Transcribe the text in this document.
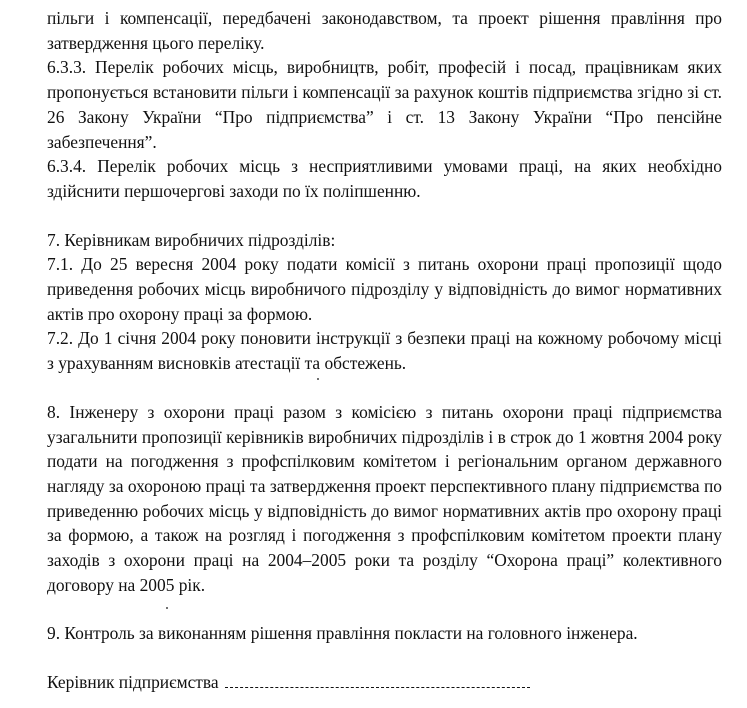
пільги і компенсації, передбачені законодавством, та проект рішення правління про затвердження цього переліку.

6.3.3. Перелік робочих місць, виробництв, робіт, професій і посад, працівникам яких пропонується встановити пільги і компенсації за рахунок коштів підприємства згідно зі ст. 26 Закону України “Про підприємства” і ст. 13 Закону України “Про пенсійне забезпечення”.

6.3.4. Перелік робочих місць з несприятливими умовами праці, на яких необхідно здійснити першочергові заходи по їх поліпшенню.

7. Керівникам виробничих підрозділів:

7.1. До 25 вересня 2004 року подати комісії з питань охорони праці пропозиції щодо приведення робочих місць виробничого підрозділу у відповідність до вимог нормативних актів про охорону праці за формою.

7.2. До 1 січня 2004 року поновити інструкції з безпеки праці на кожному робочому місці з урахуванням висновків атестації та обстежень.

8. Інженеру з охорони праці разом з комісією з питань охорони праці підприємства узагальнити пропозиції керівників виробничих підрозділів і в строк до 1 жовтня 2004 року подати на погодження з профспілковим комітетом і регіональним органом державного нагляду за охороною праці та затвердження проект перспективного плану підприємства по приведенню робочих місць у відповідність до вимог нормативних актів про охорону праці за формою, а також на розгляд і погодження з профспілковим комітетом проекти плану заходів з охорони праці на 2004–2005 роки та розділу “Охорона праці” колективного договору на 2005 рік.

9. Контроль за виконанням рішення правління покласти на головного інженера.

Керівник підприємства
